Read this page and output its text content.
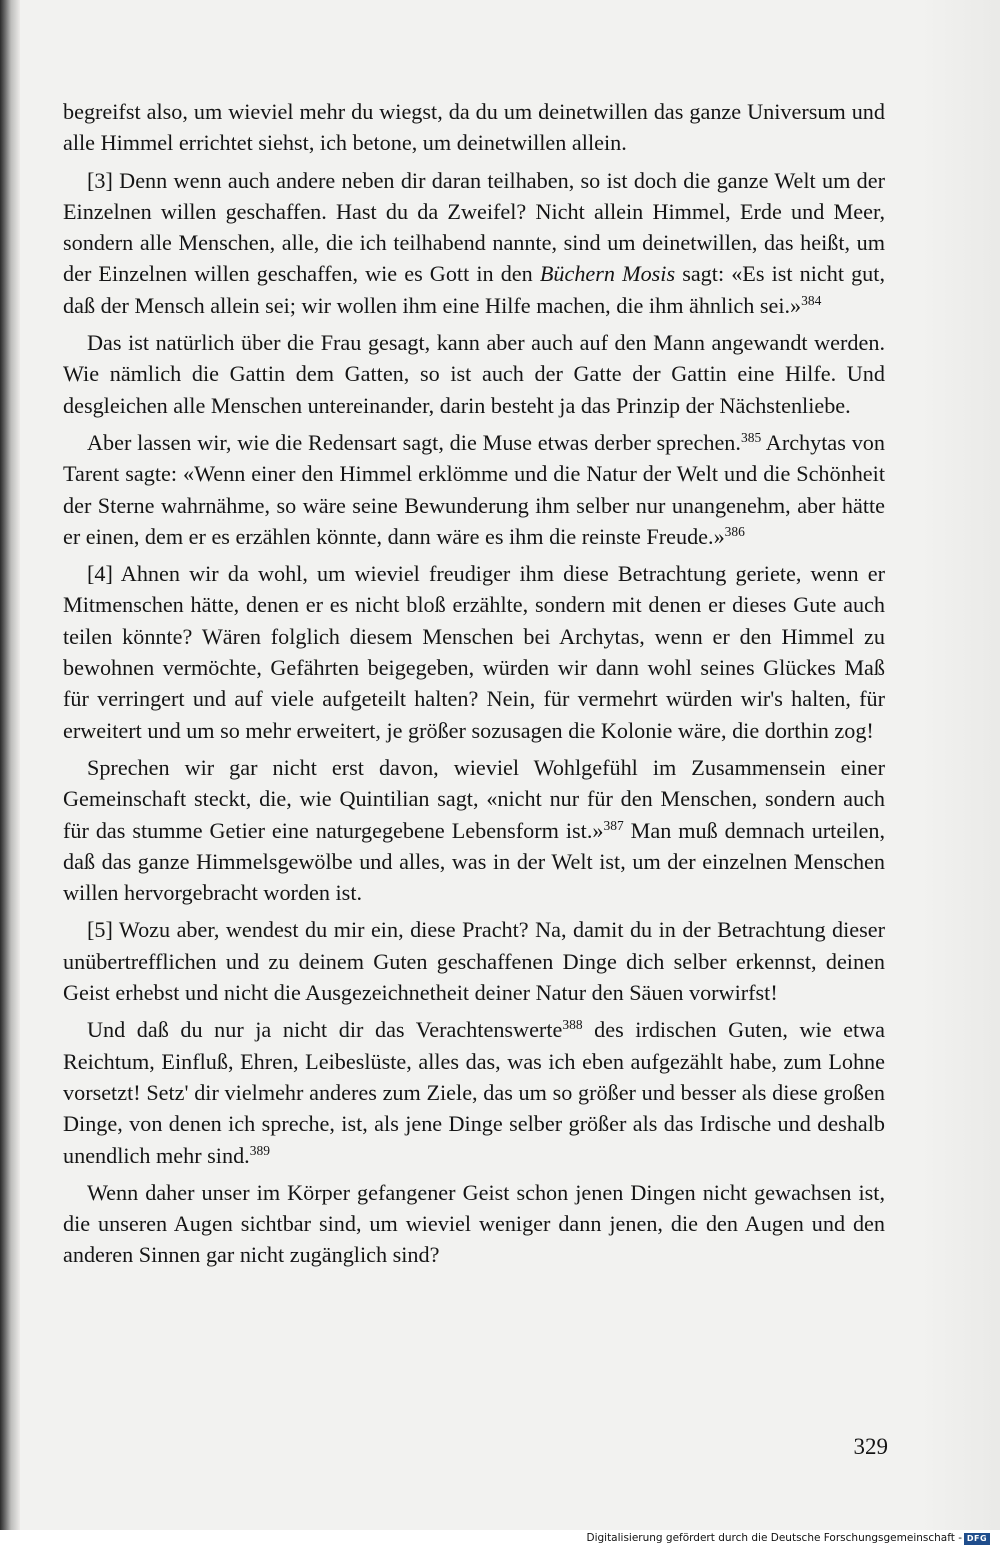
begreifst also, um wieviel mehr du wiegst, da du um deinetwillen das ganze Universum und alle Himmel errichtet siehst, ich betone, um deinetwillen allein.

[3] Denn wenn auch andere neben dir daran teilhaben, so ist doch die ganze Welt um der Einzelnen willen geschaffen. Hast du da Zweifel? Nicht allein Himmel, Erde und Meer, sondern alle Menschen, alle, die ich teilhabend nannte, sind um deinetwillen, das heißt, um der Einzelnen willen geschaffen, wie es Gott in den Büchern Mosis sagt: «Es ist nicht gut, daß der Mensch allein sei; wir wollen ihm eine Hilfe machen, die ihm ähnlich sei.»$^{384}$

Das ist natürlich über die Frau gesagt, kann aber auch auf den Mann angewandt werden. Wie nämlich die Gattin dem Gatten, so ist auch der Gatte der Gattin eine Hilfe. Und desgleichen alle Menschen untereinander, darin besteht ja das Prinzip der Nächstenliebe.

Aber lassen wir, wie die Redensart sagt, die Muse etwas derber sprechen.$^{385}$ Archytas von Tarent sagte: «Wenn einer den Himmel erklömme und die Natur der Welt und die Schönheit der Sterne wahrnähme, so wäre seine Bewunderung ihm selber nur unangenehm, aber hätte er einen, dem er es erzählen könnte, dann wäre es ihm die reinste Freude.»$^{386}$

[4] Ahnen wir da wohl, um wieviel freudiger ihm diese Betrachtung geriete, wenn er Mitmenschen hätte, denen er es nicht bloß erzählte, sondern mit denen er dieses Gute auch teilen könnte? Wären folglich diesem Menschen bei Archytas, wenn er den Himmel zu bewohnen vermöchte, Gefährten beigegeben, würden wir dann wohl seines Glückes Maß für verringert und auf viele aufgeteilt halten? Nein, für vermehrt würden wir's halten, für erweitert und um so mehr erweitert, je größer sozusagen die Kolonie wäre, die dorthin zog!

Sprechen wir gar nicht erst davon, wieviel Wohlgefühl im Zusammensein einer Gemeinschaft steckt, die, wie Quintilian sagt, «nicht nur für den Menschen, sondern auch für das stumme Getier eine naturgegebene Lebensform ist.»$^{387}$ Man muß demnach urteilen, daß das ganze Himmelsgewölbe und alles, was in der Welt ist, um der einzelnen Menschen willen hervorgebracht worden ist.

[5] Wozu aber, wendest du mir ein, diese Pracht? Na, damit du in der Betrachtung dieser unübertrefflichen und zu deinem Guten geschaffenen Dinge dich selber erkennst, deinen Geist erhebst und nicht die Ausgezeichnetheit deiner Natur den Säuen vorwirfst!

Und daß du nur ja nicht dir das Verachtenswerte$^{388}$ des irdischen Guten, wie etwa Reichtum, Einfluß, Ehren, Leibeslüste, alles das, was ich eben aufgezählt habe, zum Lohne vorsetzt! Setz' dir vielmehr anderes zum Ziele, das um so größer und besser als diese großen Dinge, von denen ich spreche, ist, als jene Dinge selber größer als das Irdische und deshalb unendlich mehr sind.$^{389}$

Wenn daher unser im Körper gefangener Geist schon jenen Dingen nicht gewachsen ist, die unseren Augen sichtbar sind, um wieviel weniger dann jenen, die den Augen und den anderen Sinnen gar nicht zugänglich sind?

329
Digitalisierung gefördert durch die Deutsche Forschungsgemeinschaft - DFG
